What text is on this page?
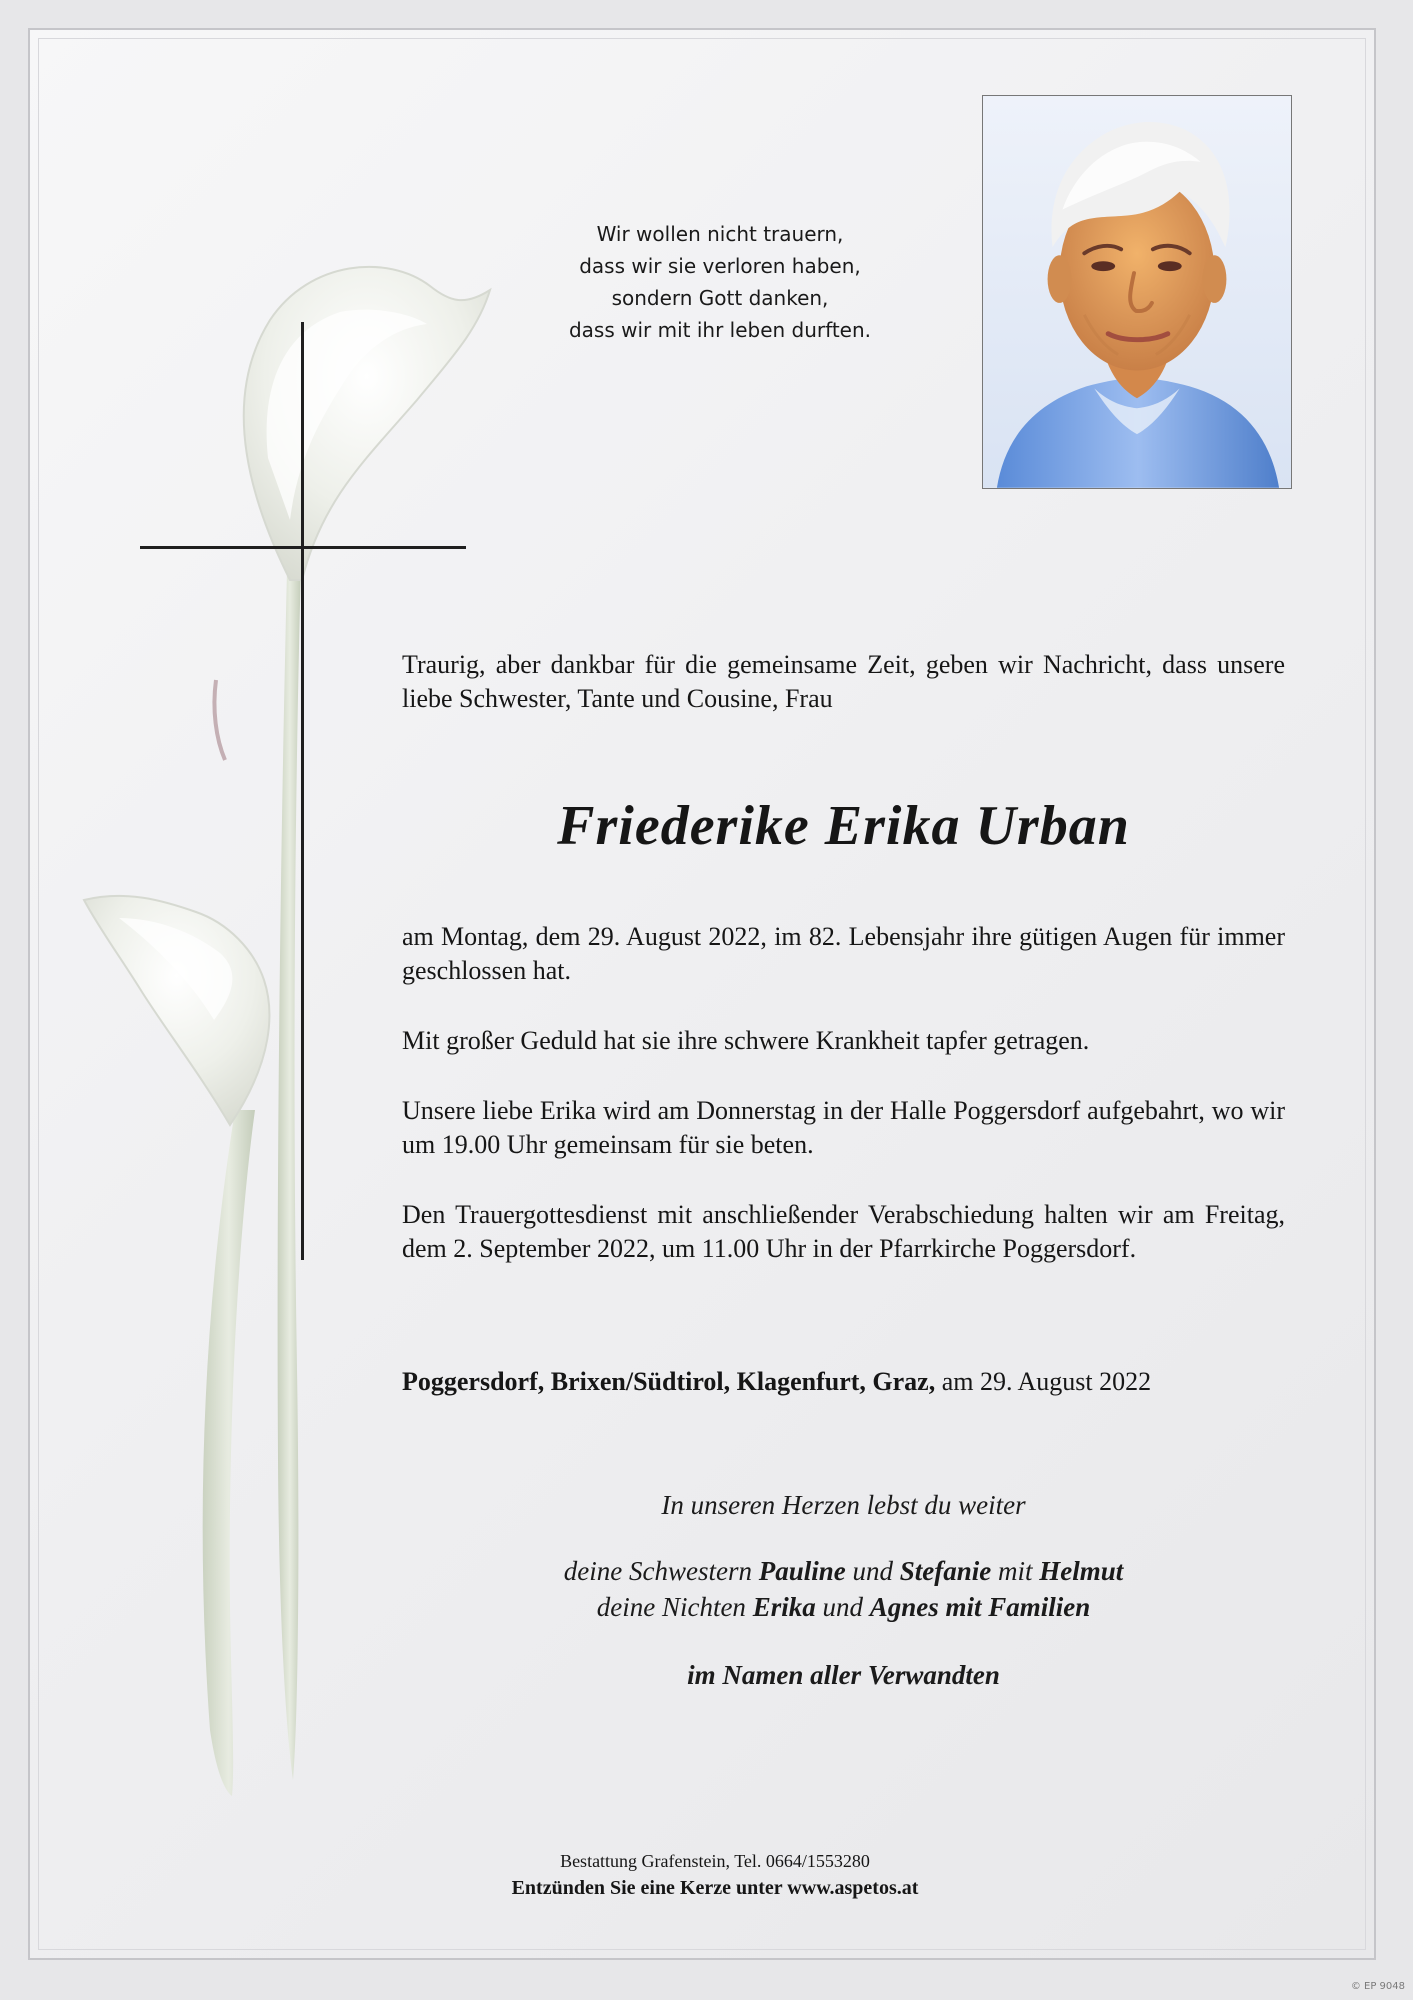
Wir wollen nicht trauern,
dass wir sie verloren haben,
sondern Gott danken,
dass wir mit ihr leben durften.
Traurig, aber dankbar für die gemeinsame Zeit, geben wir Nachricht, dass unsere liebe Schwester, Tante und Cousine, Frau
Friederike Erika Urban
am Montag, dem 29. August 2022, im 82. Lebensjahr ihre gütigen Augen für immer geschlossen hat.
Mit großer Geduld hat sie ihre schwere Krankheit tapfer getragen.
Unsere liebe Erika wird am Donnerstag in der Halle Poggersdorf aufgebahrt, wo wir um 19.00 Uhr gemeinsam für sie beten.
Den Trauergottesdienst mit anschließender Verabschiedung halten wir am Freitag, dem 2. September 2022, um 11.00 Uhr in der Pfarrkirche Poggersdorf.
Poggersdorf, Brixen/Südtirol, Klagenfurt, Graz, am 29. August 2022
In unseren Herzen lebst du weiter
deine Schwestern Pauline und Stefanie mit Helmut
deine Nichten Erika und Agnes mit Familien
im Namen aller Verwandten
Bestattung Grafenstein, Tel. 0664/1553280
Entzünden Sie eine Kerze unter www.aspetos.at
© EP 9048
